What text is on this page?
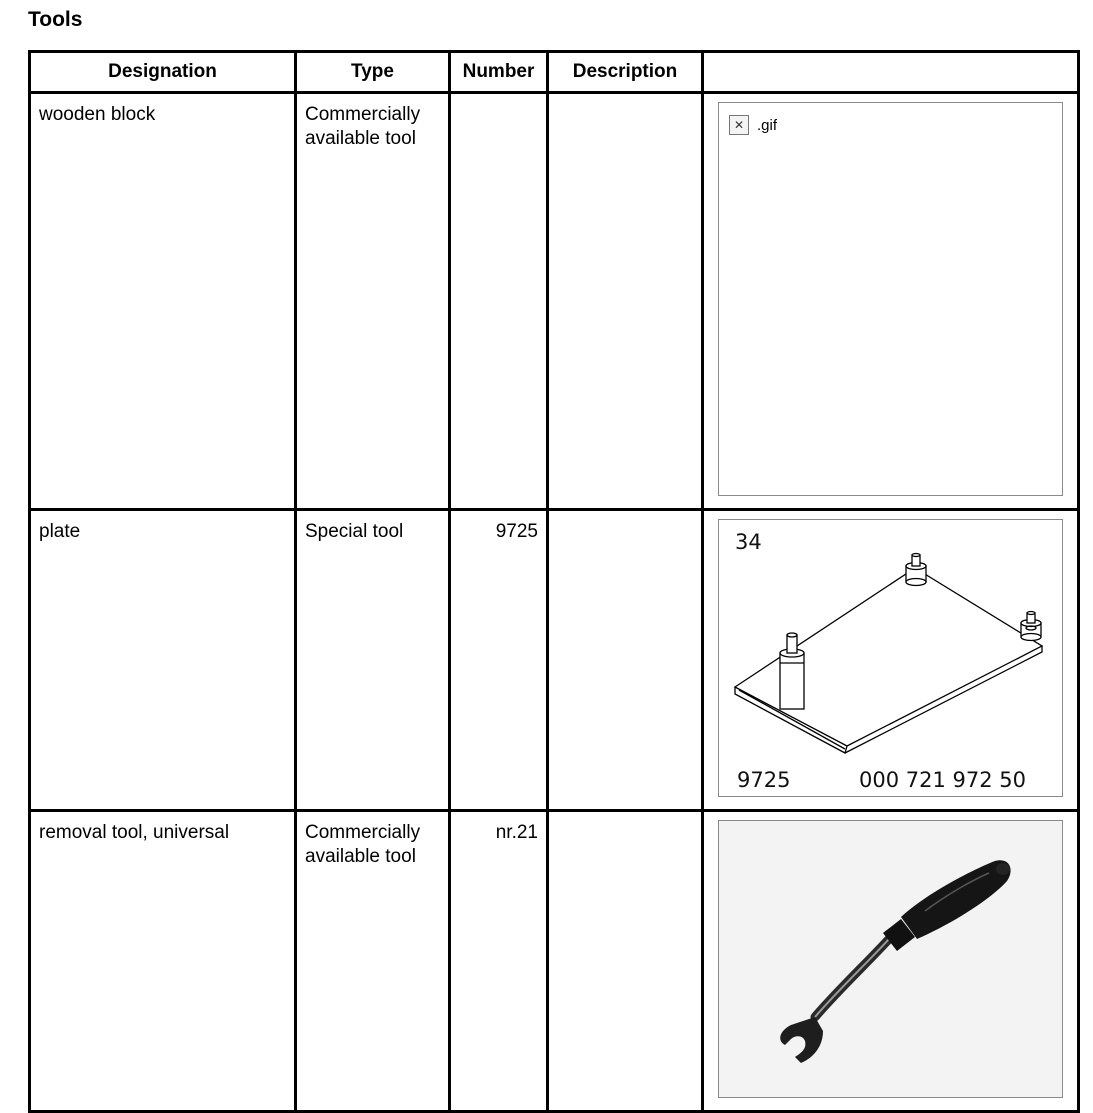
Tools
Designation	Type	Number	Description	

wooden block	Commercially available tool			✕ .gif

plate	Special tool	9725		34
9725 000 721 972 50

removal tool, universal	Commercially available tool	nr.21
